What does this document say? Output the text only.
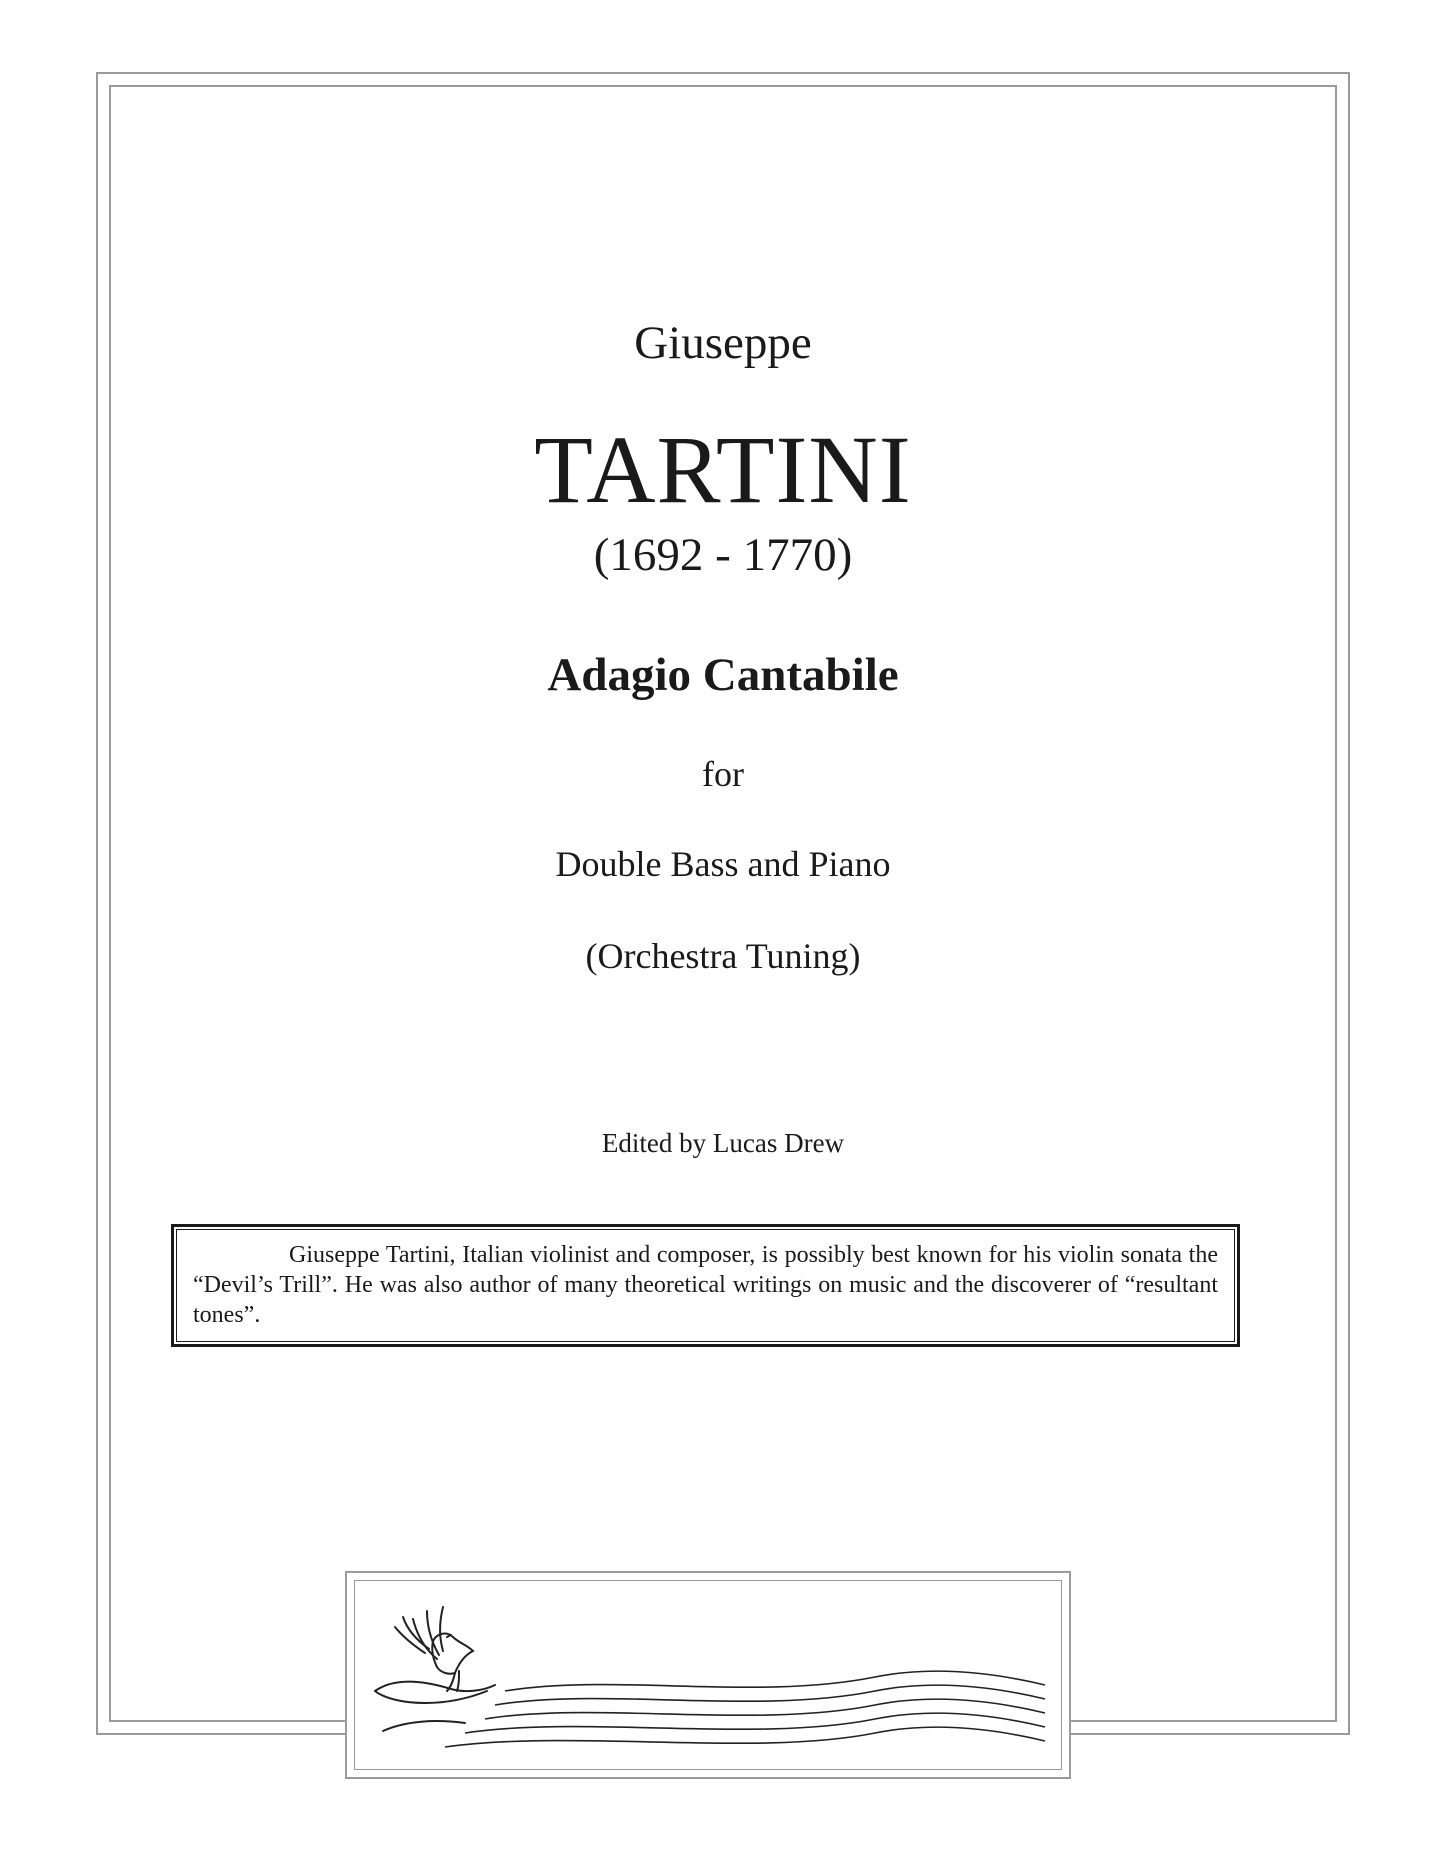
Giuseppe
TARTINI
(1692 - 1770)
Adagio Cantabile
for
Double Bass and Piano
(Orchestra Tuning)
Edited by Lucas Drew

Giuseppe Tartini, Italian violinist and composer, is possibly best known for his violin sonata the “Devil’s Trill”. He was also author of many theoretical writings on music and the discoverer of “resultant tones”.
